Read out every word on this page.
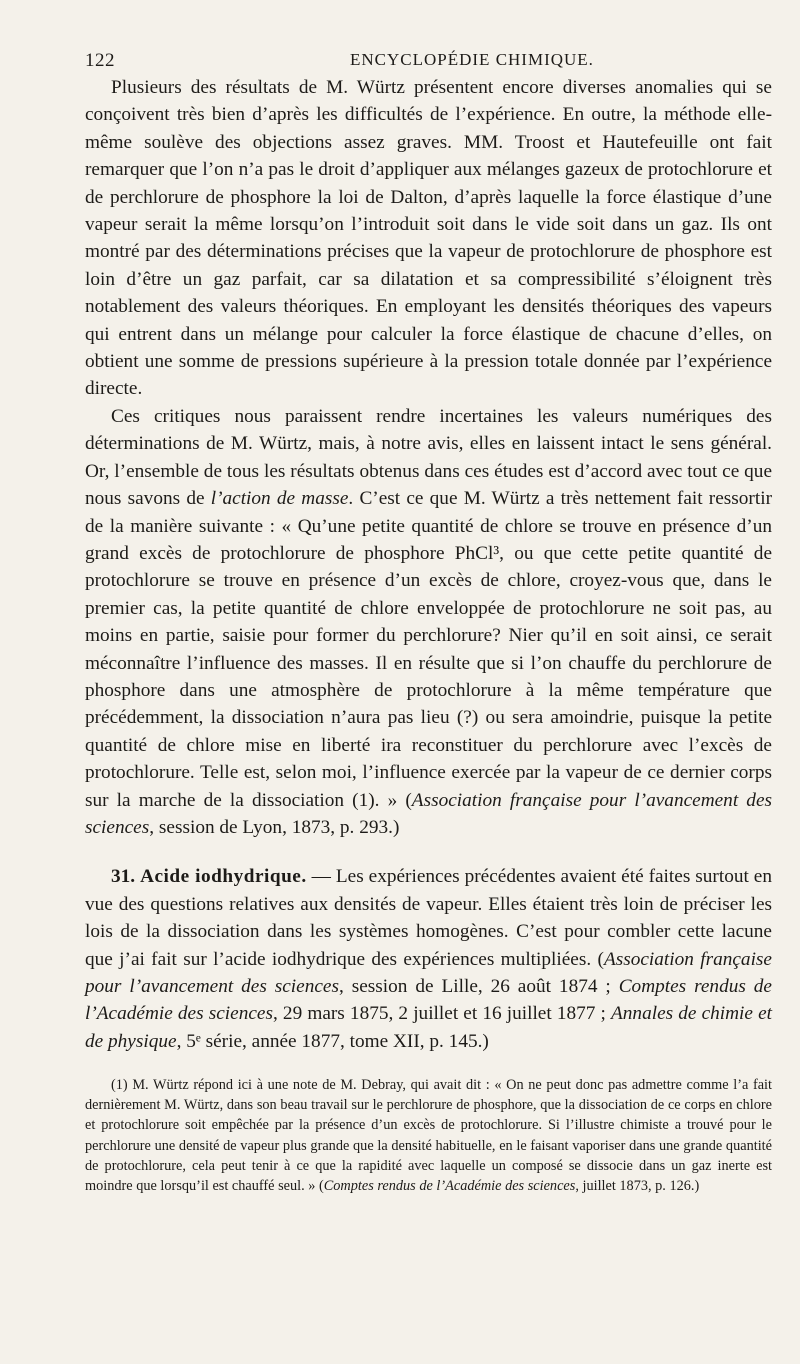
122	ENCYCLOPÉDIE CHIMIQUE.

Plusieurs des résultats de M. Würtz présentent encore diverses anomalies qui se conçoivent très bien d’après les difficultés de l’expérience. En outre, la méthode elle-même soulève des objections assez graves. MM. Troost et Hautefeuille ont fait remarquer que l’on n’a pas le droit d’appliquer aux mélanges gazeux de protochlorure et de perchlorure de phosphore la loi de Dalton, d’après laquelle la force élastique d’une vapeur serait la même lorsqu’on l’introduit soit dans le vide soit dans un gaz. Ils ont montré par des déterminations précises que la vapeur de protochlorure de phosphore est loin d’être un gaz parfait, car sa dilatation et sa compressibilité s’éloignent très notablement des valeurs théoriques. En employant les densités théoriques des vapeurs qui entrent dans un mélange pour calculer la force élastique de chacune d’elles, on obtient une somme de pressions supérieure à la pression totale donnée par l’expérience directe.

Ces critiques nous paraissent rendre incertaines les valeurs numériques des déterminations de M. Würtz, mais, à notre avis, elles en laissent intact le sens général. Or, l’ensemble de tous les résultats obtenus dans ces études est d’accord avec tout ce que nous savons de l’action de masse. C’est ce que M. Würtz a très nettement fait ressortir de la manière suivante : « Qu’une petite quantité de chlore se trouve en présence d’un grand excès de protochlorure de phosphore PhCl³, ou que cette petite quantité de protochlorure se trouve en présence d’un excès de chlore, croyez-vous que, dans le premier cas, la petite quantité de chlore enveloppée de protochlorure ne soit pas, au moins en partie, saisie pour former du perchlorure? Nier qu’il en soit ainsi, ce serait méconnaître l’influence des masses. Il en résulte que si l’on chauffe du perchlorure de phosphore dans une atmosphère de protochlorure à la même température que précédemment, la dissociation n’aura pas lieu (?) ou sera amoindrie, puisque la petite quantité de chlore mise en liberté ira reconstituer du perchlorure avec l’excès de protochlorure. Telle est, selon moi, l’influence exercée par la vapeur de ce dernier corps sur la marche de la dissociation (1). » (Association française pour l’avancement des sciences, session de Lyon, 1873, p. 293.)

31. Acide iodhydrique. — Les expériences précédentes avaient été faites surtout en vue des questions relatives aux densités de vapeur. Elles étaient très loin de préciser les lois de la dissociation dans les systèmes homogènes. C’est pour combler cette lacune que j’ai fait sur l’acide iodhydrique des expériences multipliées. (Association française pour l’avancement des sciences, session de Lille, 26 août 1874 ; Comptes rendus de l’Académie des sciences, 29 mars 1875, 2 juillet et 16 juillet 1877 ; Annales de chimie et de physique, 5ᵉ série, année 1877, tome XII, p. 145.)

(1) M. Würtz répond ici à une note de M. Debray, qui avait dit : « On ne peut donc pas admettre comme l’a fait dernièrement M. Würtz, dans son beau travail sur le perchlorure de phosphore, que la dissociation de ce corps en chlore et protochlorure soit empêchée par la présence d’un excès de protochlorure. Si l’illustre chimiste a trouvé pour le perchlorure une densité de vapeur plus grande que la densité habituelle, en le faisant vaporiser dans une grande quantité de protochlorure, cela peut tenir à ce que la rapidité avec laquelle un composé se dissocie dans un gaz inerte est moindre que lorsqu’il est chauffé seul. » (Comptes rendus de l’Académie des sciences, juillet 1873, p. 126.)
